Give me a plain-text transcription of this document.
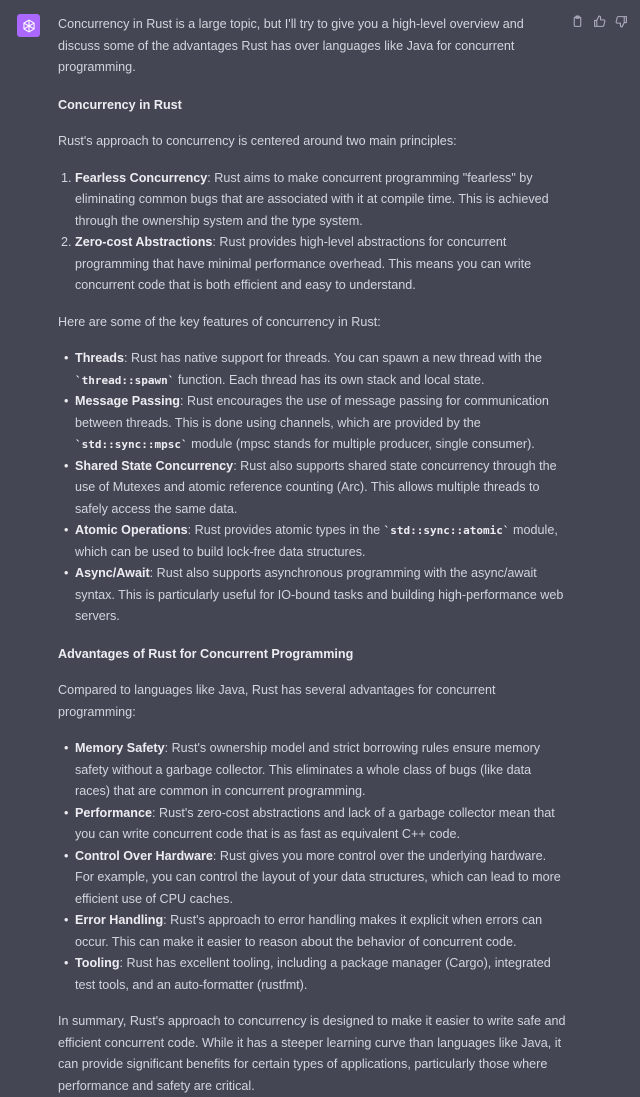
Concurrency in Rust is a large topic, but I'll try to give you a high-level overview and discuss some of the advantages Rust has over languages like Java for concurrent programming.

Concurrency in Rust

Rust's approach to concurrency is centered around two main principles:

1. Fearless Concurrency: Rust aims to make concurrent programming "fearless" by eliminating common bugs that are associated with it at compile time. This is achieved through the ownership system and the type system.
2. Zero-cost Abstractions: Rust provides high-level abstractions for concurrent programming that have minimal performance overhead. This means you can write concurrent code that is both efficient and easy to understand.

Here are some of the key features of concurrency in Rust:

• Threads: Rust has native support for threads. You can spawn a new thread with the `thread::spawn` function. Each thread has its own stack and local state.
• Message Passing: Rust encourages the use of message passing for communication between threads. This is done using channels, which are provided by the `std::sync::mpsc` module (mpsc stands for multiple producer, single consumer).
• Shared State Concurrency: Rust also supports shared state concurrency through the use of Mutexes and atomic reference counting (Arc). This allows multiple threads to safely access the same data.
• Atomic Operations: Rust provides atomic types in the `std::sync::atomic` module, which can be used to build lock-free data structures.
• Async/Await: Rust also supports asynchronous programming with the async/await syntax. This is particularly useful for IO-bound tasks and building high-performance web servers.
Advantages of Rust for Concurrent Programming

Compared to languages like Java, Rust has several advantages for concurrent programming:

• Memory Safety: Rust's ownership model and strict borrowing rules ensure memory safety without a garbage collector. This eliminates a whole class of bugs (like data races) that are common in concurrent programming.
• Performance: Rust's zero-cost abstractions and lack of a garbage collector mean that you can write concurrent code that is as fast as equivalent C++ code.
• Control Over Hardware: Rust gives you more control over the underlying hardware. For example, you can control the layout of your data structures, which can lead to more efficient use of CPU caches.
• Error Handling: Rust's approach to error handling makes it explicit when errors can occur. This can make it easier to reason about the behavior of concurrent code.
• Tooling: Rust has excellent tooling, including a package manager (Cargo), integrated test tools, and an auto-formatter (rustfmt).

In summary, Rust's approach to concurrency is designed to make it easier to write safe and efficient concurrent code. While it has a steeper learning curve than languages like Java, it can provide significant benefits for certain types of applications, particularly those where performance and safety are critical.
